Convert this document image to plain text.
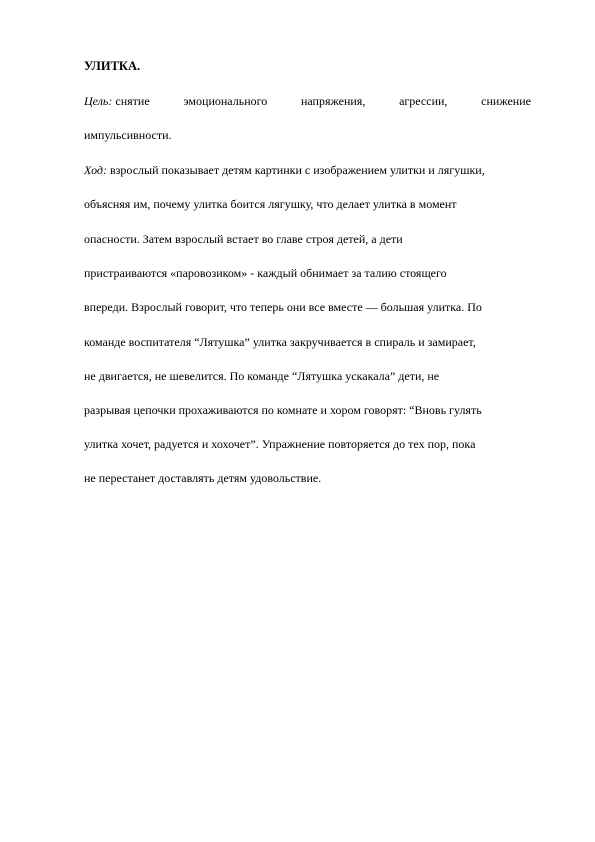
УЛИТКА.
Цель: снятие	эмоционального	напряжения,	агрессии,	снижение
импульсивности.
Ход: взрослый показывает детям картинки с изображением улитки и лягушки,
объясняя им, почему улитка боится лягушку, что делает улитка в момент
опасности. Затем взрослый встает во главе строя детей, а дети
пристраиваются «паровозиком» - каждый обнимает за талию стоящего
впереди. Взрослый говорит, что теперь они все вместе — большая улитка. По
команде воспитателя “Лятушка” улитка закручивается в спираль и замирает,
не двигается, не шевелится. По команде “Лятушка ускакала” дети, не
разрывая цепочки прохаживаются по комнате и хором говорят: “Вновь гулять
улитка хочет, радуется и хохочет”. Упражнение повторяется до тех пор, пока
не перестанет доставлять детям удовольствие.
